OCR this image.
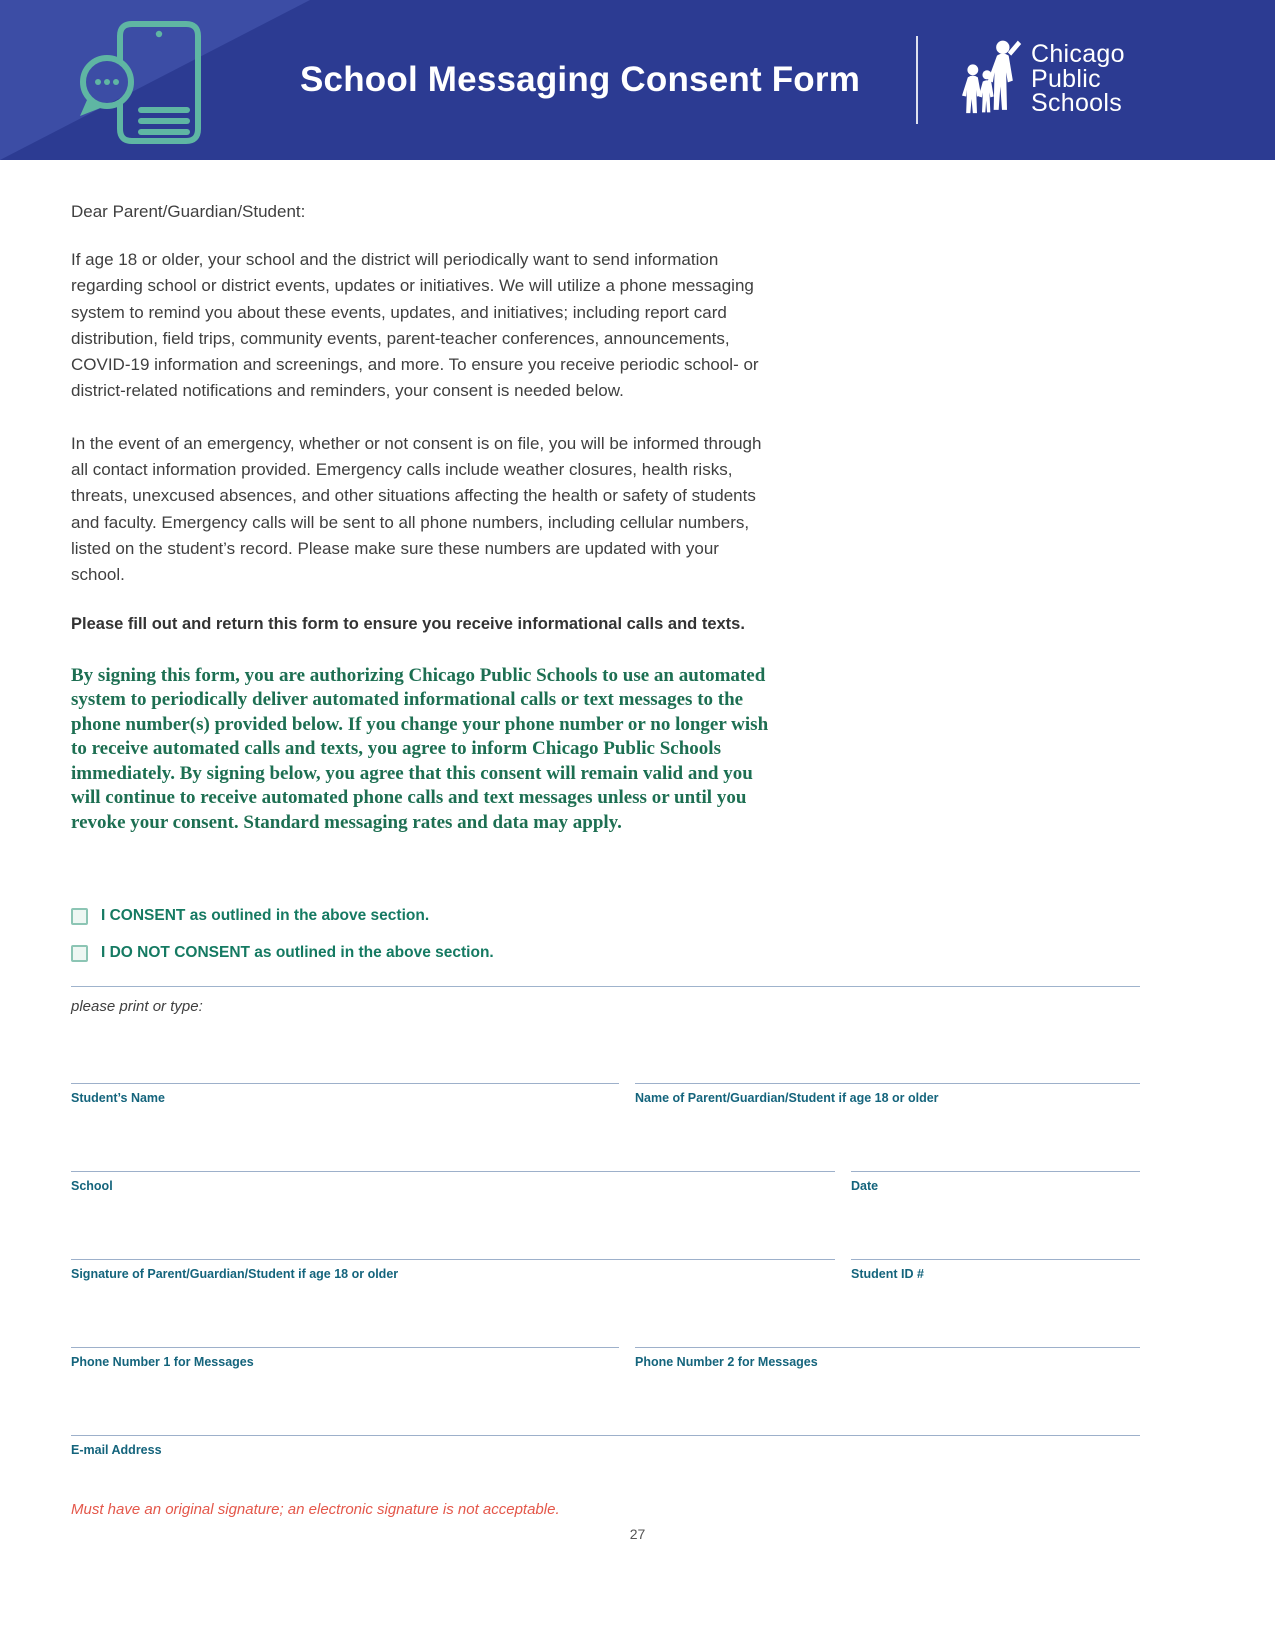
School Messaging Consent Form
Chicago
Public
Schools

Dear Parent/Guardian/Student:

If age 18 or older, your school and the district will periodically want to send information regarding school or district events, updates or initiatives. We will utilize a phone messaging system to remind you about these events, updates, and initiatives; including report card distribution, field trips, community events, parent-teacher conferences, announcements, COVID-19 information and screenings, and more. To ensure you receive periodic school- or district-related notifications and reminders, your consent is needed below.

In the event of an emergency, whether or not consent is on file, you will be informed through all contact information provided. Emergency calls include weather closures, health risks, threats, unexcused absences, and other situations affecting the health or safety of students and faculty. Emergency calls will be sent to all phone numbers, including cellular numbers, listed on the student’s record. Please make sure these numbers are updated with your school.

Please fill out and return this form to ensure you receive informational calls and texts.

By signing this form, you are authorizing Chicago Public Schools to use an automated system to periodically deliver automated informational calls or text messages to the phone number(s) provided below. If you change your phone number or no longer wish to receive automated calls and texts, you agree to inform Chicago Public Schools immediately. By signing below, you agree that this consent will remain valid and you will continue to receive automated phone calls and text messages unless or until you revoke your consent. Standard messaging rates and data may apply.

I CONSENT as outlined in the above section.
I DO NOT CONSENT as outlined in the above section.
please print or type:
Student’s Name	Name of Parent/Guardian/Student if age 18 or older
School	Date
Signature of Parent/Guardian/Student if age 18 or older	Student ID #
Phone Number 1 for Messages	Phone Number 2 for Messages
E-mail Address
Must have an original signature; an electronic signature is not acceptable.
27
